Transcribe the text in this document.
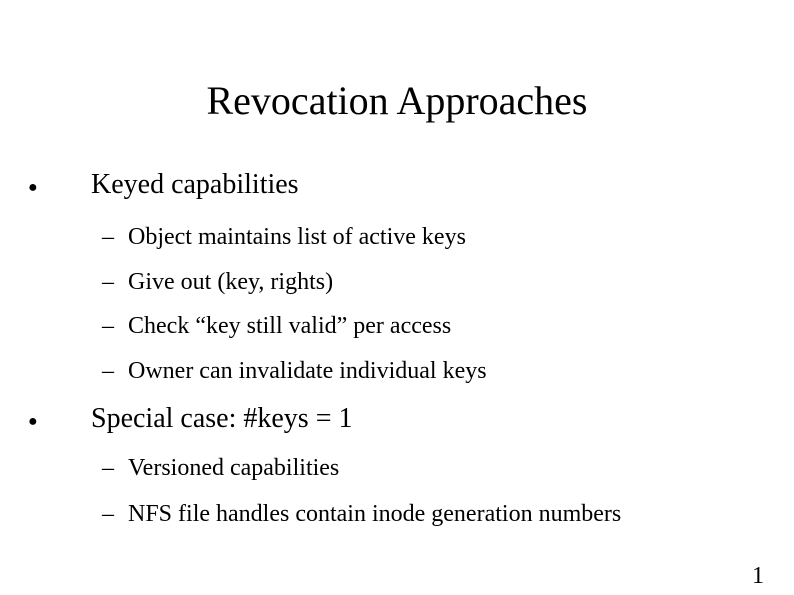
Revocation Approaches
● Keyed capabilities
– Object maintains list of active keys
– Give out (key, rights)
– Check “key still valid” per access
– Owner can invalidate individual keys
● Special case: #keys = 1
– Versioned capabilities
– NFS file handles contain inode generation numbers
1
